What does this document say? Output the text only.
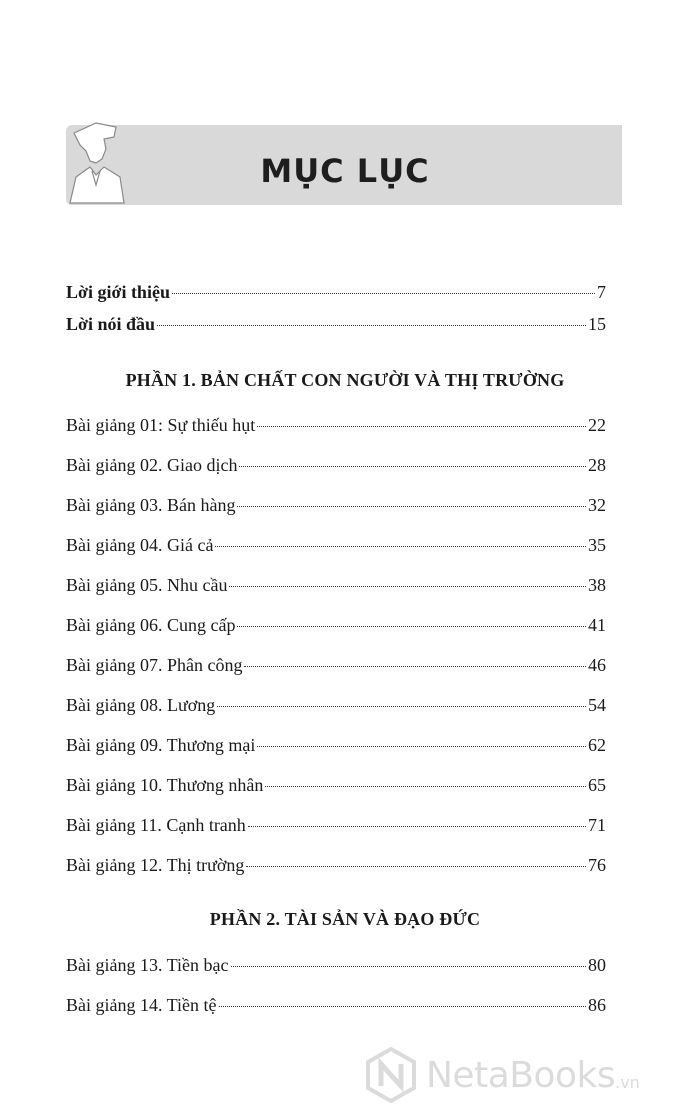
MỤC LỤC
Lời giới thiệu	7
Lời nói đầu	15
PHẦN 1. BẢN CHẤT CON NGƯỜI VÀ THỊ TRƯỜNG
Bài giảng 01: Sự thiếu hụt	22
Bài giảng 02. Giao dịch	28
Bài giảng 03. Bán hàng	32
Bài giảng 04. Giá cả	35
Bài giảng 05. Nhu cầu	38
Bài giảng 06. Cung cấp	41
Bài giảng 07. Phân công	46
Bài giảng 08. Lương	54
Bài giảng 09. Thương mại	62
Bài giảng 10. Thương nhân	65
Bài giảng 11. Cạnh tranh	71
Bài giảng 12. Thị trường	76
PHẦN 2. TÀI SẢN VÀ ĐẠO ĐỨC
Bài giảng 13. Tiền bạc	80
Bài giảng 14. Tiền tệ	86
NetaBooks .vn
